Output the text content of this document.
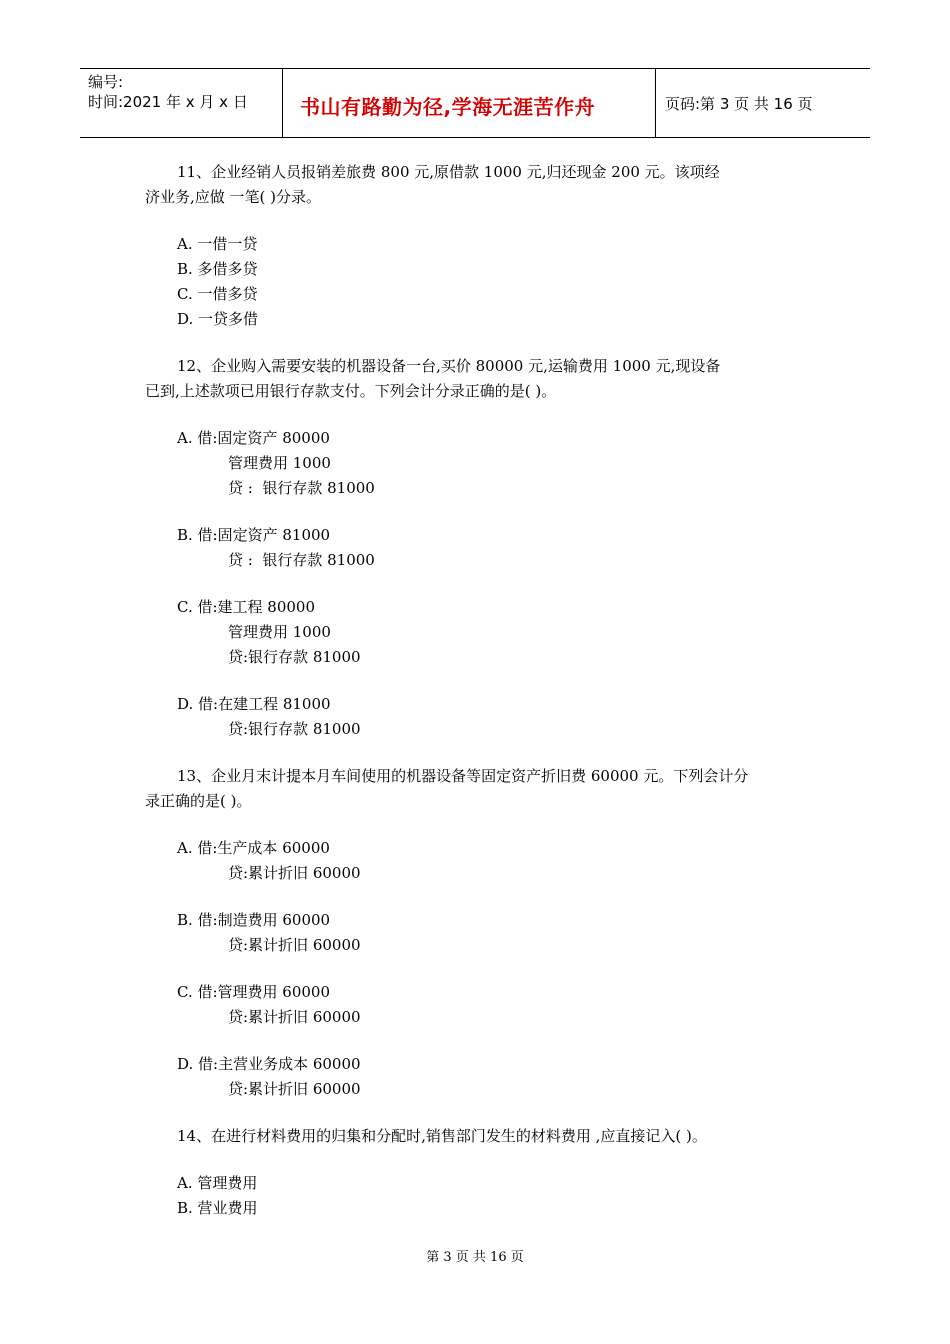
编号:
时间:2021 年 x 月 x 日	书山有路勤为径,学海无涯苦作舟	页码:第 3 页 共 16 页
11、企业经销人员报销差旅费 800 元,原借款 1000 元,归还现金 200 元。该项经
济业务,应做 一笔( )分录。
A. 一借一贷
B. 多借多贷
C. 一借多贷
D. 一贷多借
12、企业购入需要安装的机器设备一台,买价 80000 元,运输费用 1000 元,现设备
已到,上述款项已用银行存款支付。下列会计分录正确的是( )。
A. 借:固定资产 80000
管理费用 1000
贷 :  银行存款 81000
B. 借:固定资产 81000
贷 :  银行存款 81000
C. 借:建工程 80000
管理费用 1000
贷:银行存款 81000
D. 借:在建工程 81000
贷:银行存款 81000
13、企业月末计提本月车间使用的机器设备等固定资产折旧费 60000 元。下列会计分
录正确的是( )。
A. 借:生产成本 60000
贷:累计折旧 60000
B. 借:制造费用 60000
贷:累计折旧 60000
C. 借:管理费用 60000
贷:累计折旧 60000
D. 借:主营业务成本 60000
贷:累计折旧 60000
14、在进行材料费用的归集和分配时,销售部门发生的材料费用 ,应直接记入( )。
A. 管理费用
B. 营业费用
第 3 页 共 16 页
